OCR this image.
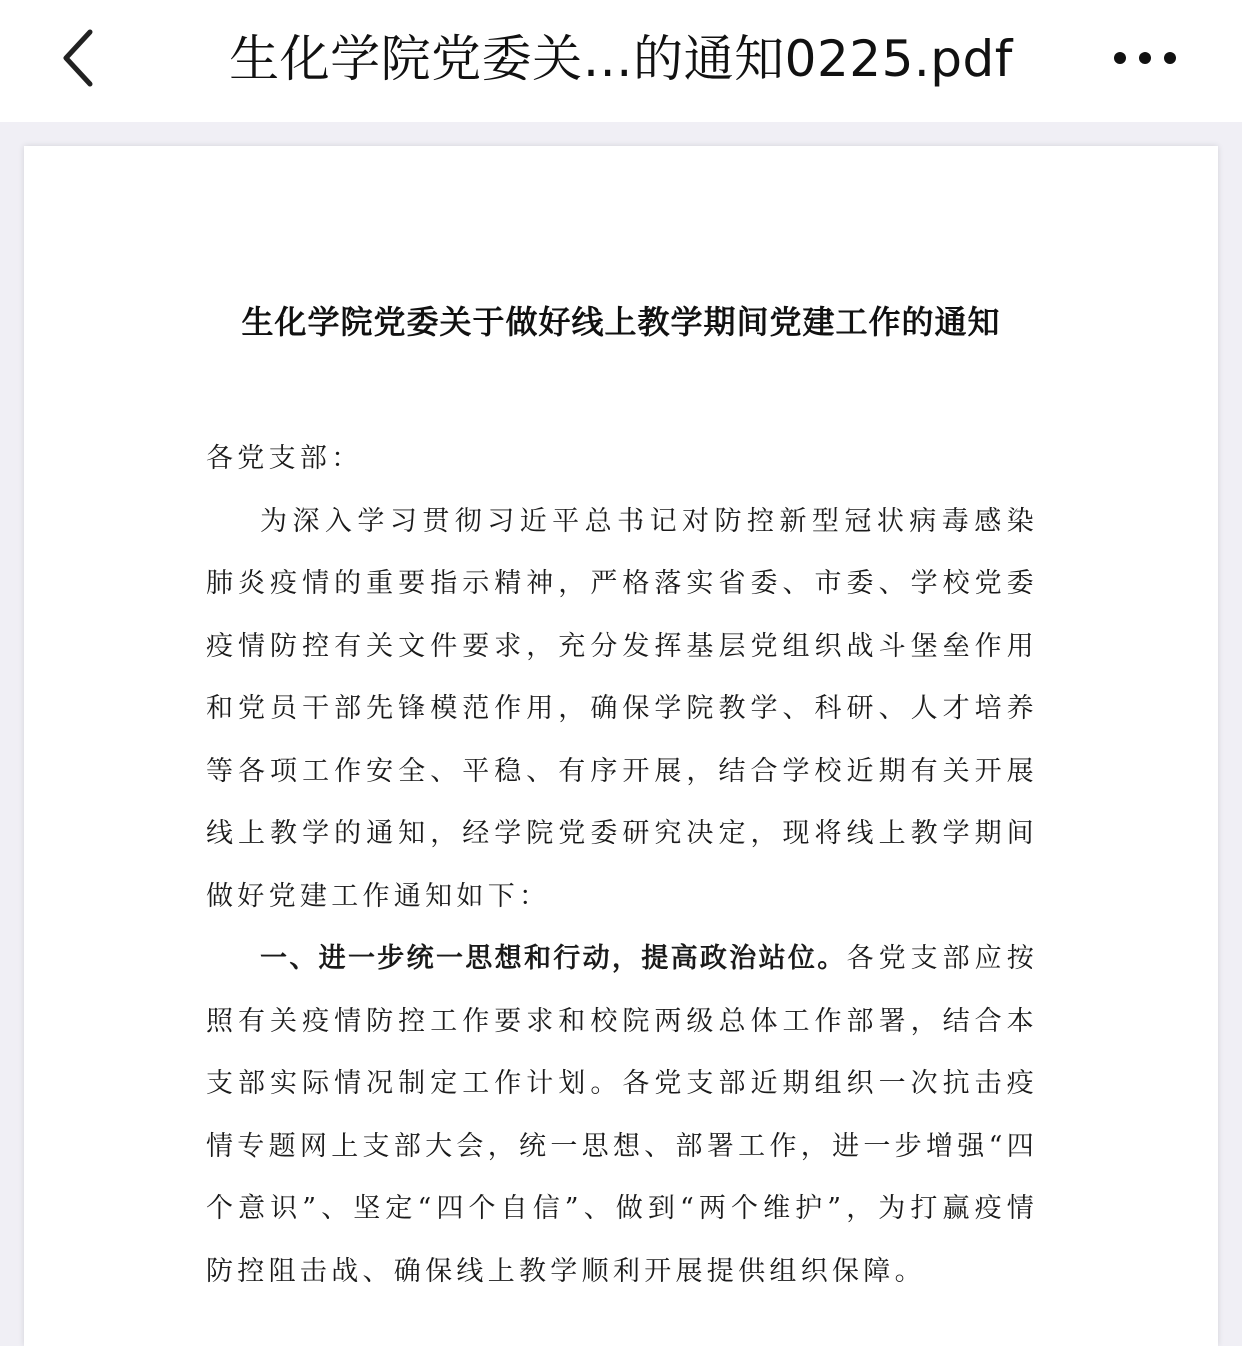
生化学院党委关…的通知0225.pdf
生化学院党委关于做好线上教学期间党建工作的通知

各党支部：

为深入学习贯彻习近平总书记对防控新型冠状病毒感染肺炎疫情的重要指示精神，严格落实省委、市委、学校党委疫情防控有关文件要求，充分发挥基层党组织战斗堡垒作用和党员干部先锋模范作用，确保学院教学、科研、人才培养等各项工作安全、平稳、有序开展，结合学校近期有关开展线上教学的通知，经学院党委研究决定，现将线上教学期间做好党建工作通知如下：

一、进一步统一思想和行动，提高政治站位。各党支部应按照有关疫情防控工作要求和校院两级总体工作部署，结合本支部实际情况制定工作计划。各党支部近期组织一次抗击疫情专题网上支部大会，统一思想、部署工作，进一步增强“四个意识”、坚定“四个自信”、做到“两个维护”，为打赢疫情防控阻击战、确保线上教学顺利开展提供组织保障。
